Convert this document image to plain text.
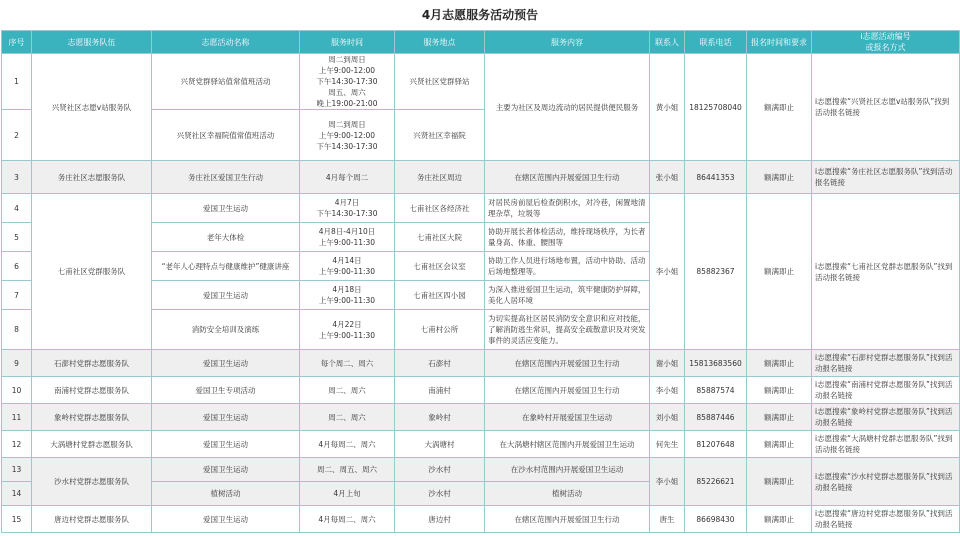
4月志愿服务活动预告
序号	志愿服务队伍	志愿活动名称	服务时间	服务地点	服务内容	联系人	联系电话	报名时间和要求	i志愿活动编号
或报名方式
1	兴贤社区志愿v站服务队	兴贤党群驿站值常值班活动	周二到周日
上午9:00-12:00
下午14:30-17:30
周五、周六
晚上19:00-21:00	兴贤社区党群驿站	主要为社区及周边流动的居民提供便民服务	黄小姐	18125708040	额满即止	i志愿搜索“兴贤社区志愿v站服务队”找到活动报名链接
2		兴贤社区幸福院值常值班活动	周二到周日
上午9:00-12:00
下午14:30-17:30	兴贤社区幸福院					
3	务庄社区志愿服务队	务庄社区爱国卫生行动	4月每个周二	务庄社区周边	在辖区范围内开展爱国卫生行动	张小姐	86441353	额满即止	i志愿搜索“务庄社区志愿服务队”找到活动报名链接
4	七甫社区党群服务队	爱国卫生运动	4月7日
下午14:30-17:30	七甫社区各经济社	对居民房前屋后检查倒积水，对冷巷，闲置地清理杂草，垃圾等	李小姐	85882367	额满即止	i志愿搜索“七甫社区党群志愿服务队”找到活动报名链接
5		老年大体检	4月8日-4月10日
上午9:00-11:30	七甫社区大院	协助开展长者体检活动，维持现场秩序，为长者量身高、体重、腰围等				
6		“老年人心理特点与健康维护”健康讲座	4月14日
上午9:00-11:30	七甫社区会议室	协助工作人员进行场地布置，活动中协助、活动后场地整理等。				
7		爱国卫生运动	4月18日
上午9:00-11:30	七甫社区四小园	为深入推进爱国卫生运动，筑牢健康防护屏障，美化人居环境				
8		消防安全培训及演练	4月22日
上午9:00-11:30	七甫村公所	为切实提高社区居民消防安全意识和应对技能，了解消防逃生常识，提高安全疏散意识及对突发事件的灵活应变能力。				
9	石澎村党群志愿服务队	爱国卫生运动	每个周二、周六	石澎村	在辖区范围内开展爱国卫生行动	谢小姐	15813683560	额满即止	i志愿搜索“石澎村党群志愿服务队”找到活动报名链接
10	南浦村党群志愿服务队	爱国卫生专项活动	周二、周六	南浦村	在辖区范围内开展爱国卫生行动	李小姐	85887574	额满即止	i志愿搜索“南浦村党群志愿服务队”找到活动报名链接
11	象岭村党群志愿服务队	爱国卫生运动	周二、周六	象岭村	在象岭村开展爱国卫生运动	刘小姐	85887446	额满即止	i志愿搜索“象岭村党群志愿服务队”找到活动报名链接
12	大涡塘村党群志愿服务队	爱国卫生运动	4月每周二、周六	大涡塘村	在大涡塘村辖区范围内开展爱国卫生运动	何先生	81207648	额满即止	i志愿搜索“大涡塘村党群志愿服务队”找到活动报名链接
13	沙水村党群志愿服务队	爱国卫生运动	周二、周五、周六	沙水村	在沙水村范围内开展爱国卫生运动	李小姐	85226621	额满即止	i志愿搜索“沙水村党群志愿服务队”找到活动报名链接
14		植树活动	4月上旬	沙水村	植树活动				
15	唐边村党群志愿服务队	爱国卫生运动	4月每周二、周六	唐边村	在辖区范围内开展爱国卫生行动	唐生	86698430	额满即止	i志愿搜索“唐边村党群志愿服务队”找到活动报名链接
